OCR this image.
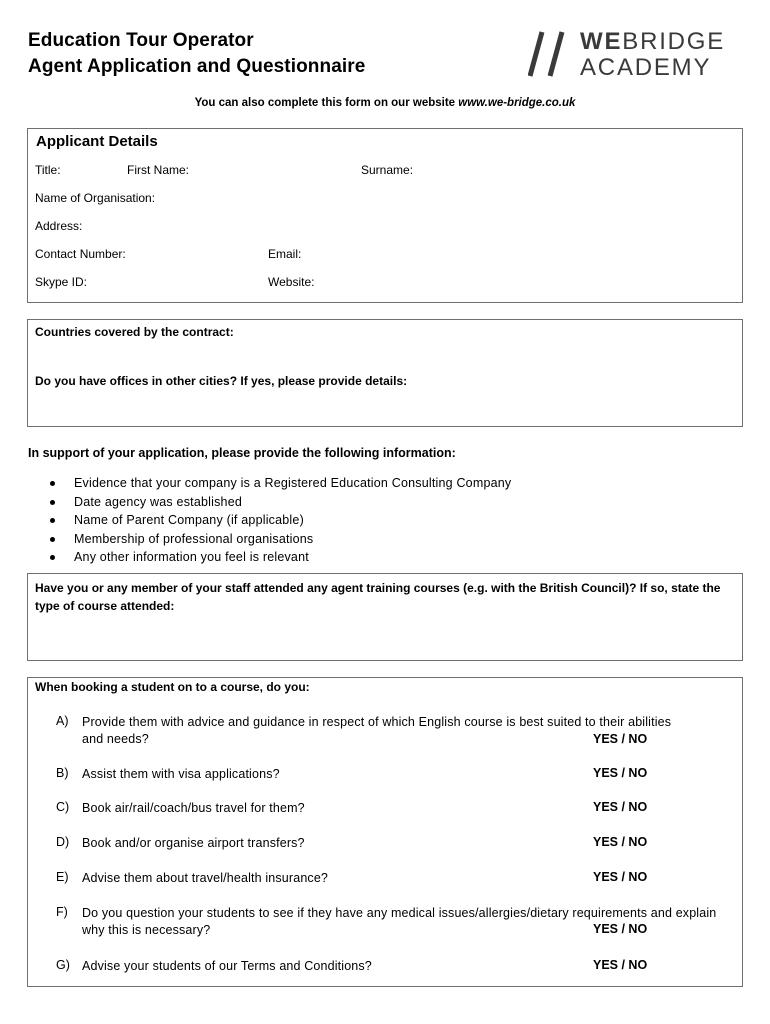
Education Tour Operator
Agent Application and Questionnaire
WEBRIDGE
ACADEMY
You can also complete this form on our website www.we-bridge.co.uk
Applicant Details
Title:	First Name:	Surname:
Name of Organisation:
Address:
Contact Number:	Email:
Skype ID:	Website:
Countries covered by the contract:
Do you have offices in other cities? If yes, please provide details:
In support of your application, please provide the following information:
Evidence that your company is a Registered Education Consulting Company
Date agency was established
Name of Parent Company (if applicable)
Membership of professional organisations
Any other information you feel is relevant
Have you or any member of your staff attended any agent training courses (e.g. with the British Council)? If so, state the type of course attended:
When booking a student on to a course, do you:
A)	Provide them with advice and guidance in respect of which English course is best suited to their abilities and needs?	YES / NO
B)	Assist them with visa applications?	YES / NO
C)	Book air/rail/coach/bus travel for them?	YES / NO
D)	Book and/or organise airport transfers?	YES / NO
E)	Advise them about travel/health insurance?	YES / NO
F)	Do you question your students to see if they have any medical issues/allergies/dietary requirements and explain why this is necessary?	YES / NO
G) Advise your students of our Terms and Conditions?	YES / NO
